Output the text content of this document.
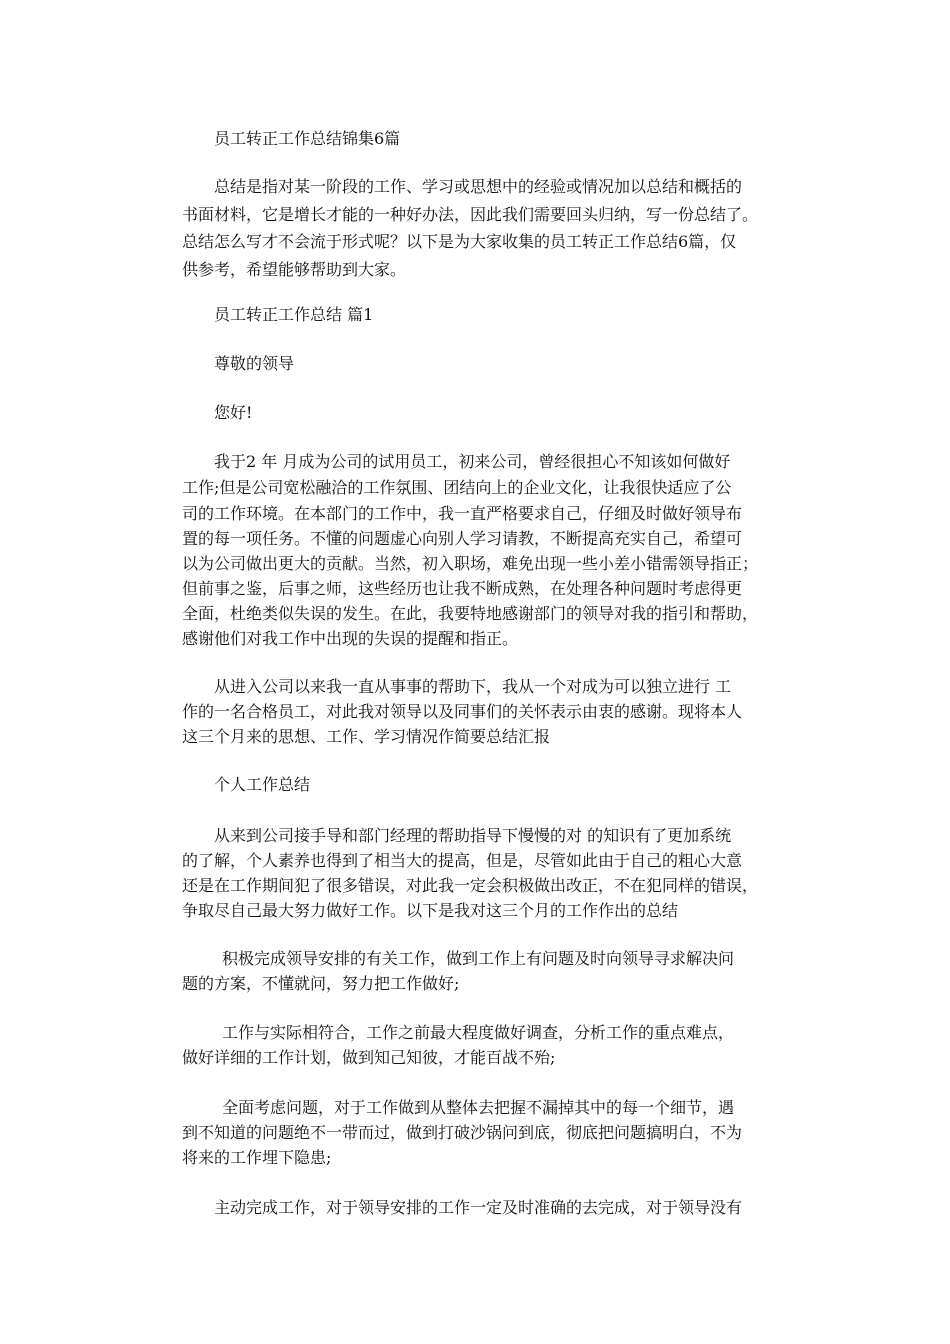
员工转正工作总结锦集6篇
总结是指对某一阶段的工作、学习或思想中的经验或情况加以总结和概括的
书面材料，它是增长才能的一种好办法，因此我们需要回头归纳，写一份总结了。
总结怎么写才不会流于形式呢？以下是为大家收集的员工转正工作总结6篇，仅
供参考，希望能够帮助到大家。
员工转正工作总结 篇1
尊敬的领导
您好!
我于2 年 月成为公司的试用员工，初来公司，曾经很担心不知该如何做好
工作;但是公司宽松融洽的工作氛围、团结向上的企业文化，让我很快适应了公
司的工作环境。在本部门的工作中，我一直严格要求自己，仔细及时做好领导布
置的每一项任务。不懂的问题虚心向别人学习请教，不断提高充实自己，希望可
以为公司做出更大的贡献。当然，初入职场，难免出现一些小差小错需领导指正；
但前事之鉴，后事之师，这些经历也让我不断成熟，在处理各种问题时考虑得更
全面，杜绝类似失误的发生。在此，我要特地感谢部门的领导对我的指引和帮助，
感谢他们对我工作中出现的失误的提醒和指正。
从进入公司以来我一直从事事的帮助下，我从一个对成为可以独立进行 工
作的一名合格员工，对此我对领导以及同事们的关怀表示由衷的感谢。现将本人
这三个月来的思想、工作、学习情况作简要总结汇报
个人工作总结
从来到公司接手导和部门经理的帮助指导下慢慢的对 的知识有了更加系统
的了解，个人素养也得到了相当大的提高，但是，尽管如此由于自己的粗心大意
还是在工作期间犯了很多错误，对此我一定会积极做出改正，不在犯同样的错误，
争取尽自己最大努力做好工作。以下是我对这三个月的工作作出的总结
积极完成领导安排的有关工作，做到工作上有问题及时向领导寻求解决问
题的方案，不懂就问，努力把工作做好;
工作与实际相符合，工作之前最大程度做好调查，分析工作的重点难点，
做好详细的工作计划，做到知己知彼，才能百战不殆;
全面考虑问题，对于工作做到从整体去把握不漏掉其中的每一个细节，遇
到不知道的问题绝不一带而过，做到打破沙锅问到底，彻底把问题搞明白，不为
将来的工作埋下隐患;
主动完成工作，对于领导安排的工作一定及时准确的去完成，对于领导没有
